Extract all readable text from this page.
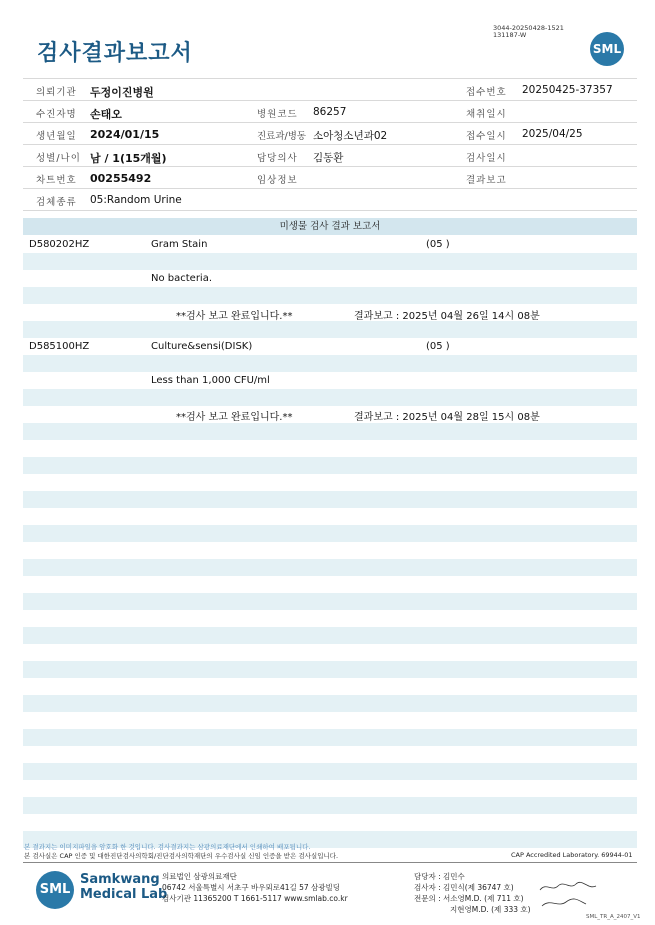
검사결과보고서
3044-20250428-1521
131187-W
SML
의뢰기관 두정이진병원	접수번호 20250425-37357
수진자명 손태오	병원코드 86257	채취일시
생년월일 2024/01/15	진료과/병동 소아청소년과02	접수일시 2025/04/25
성별/나이 남 / 1(15개월)	담당의사 김동환	검사일시
차트번호 00255492	임상정보	결과보고
검체종류 05:Random Urine
미생물 검사 결과 보고서
D580202HZ	Gram Stain	(05 )
No bacteria.
**검사 보고 완료입니다.**	결과보고 : 2025년 04월 26일 14시 08분
D585100HZ	Culture&sensi(DISK)	(05 )
Less than 1,000 CFU/ml
**검사 보고 완료입니다.**	결과보고 : 2025년 04월 28일 15시 08분
본 결과지는 이미지파일을 암호화 한 것입니다. 검사결과지는 삼광의료재단에서 인쇄하여 배포됩니다.
본 검사실은 CAP 인증 및 대한진단검사의학회/진단검사의학재단의 우수검사실 신임 인증을 받은 검사실입니다.	CAP Accredited Laboratory. 69944-01
SML
Samkwang
Medical Lab
의료법인 삼광의료재단
06742 서울특별시 서초구 바우뫼로41길 57 삼광빌딩
검사기관 11365200 T 1661-5117 www.smlab.co.kr
담당자 : 김민수
검사자 : 김민식(제 36747 호)
전문의 : 서소영M.D. (제 711 호)
지현영M.D. (제 333 호)
SML_TR_A_2407_V1
